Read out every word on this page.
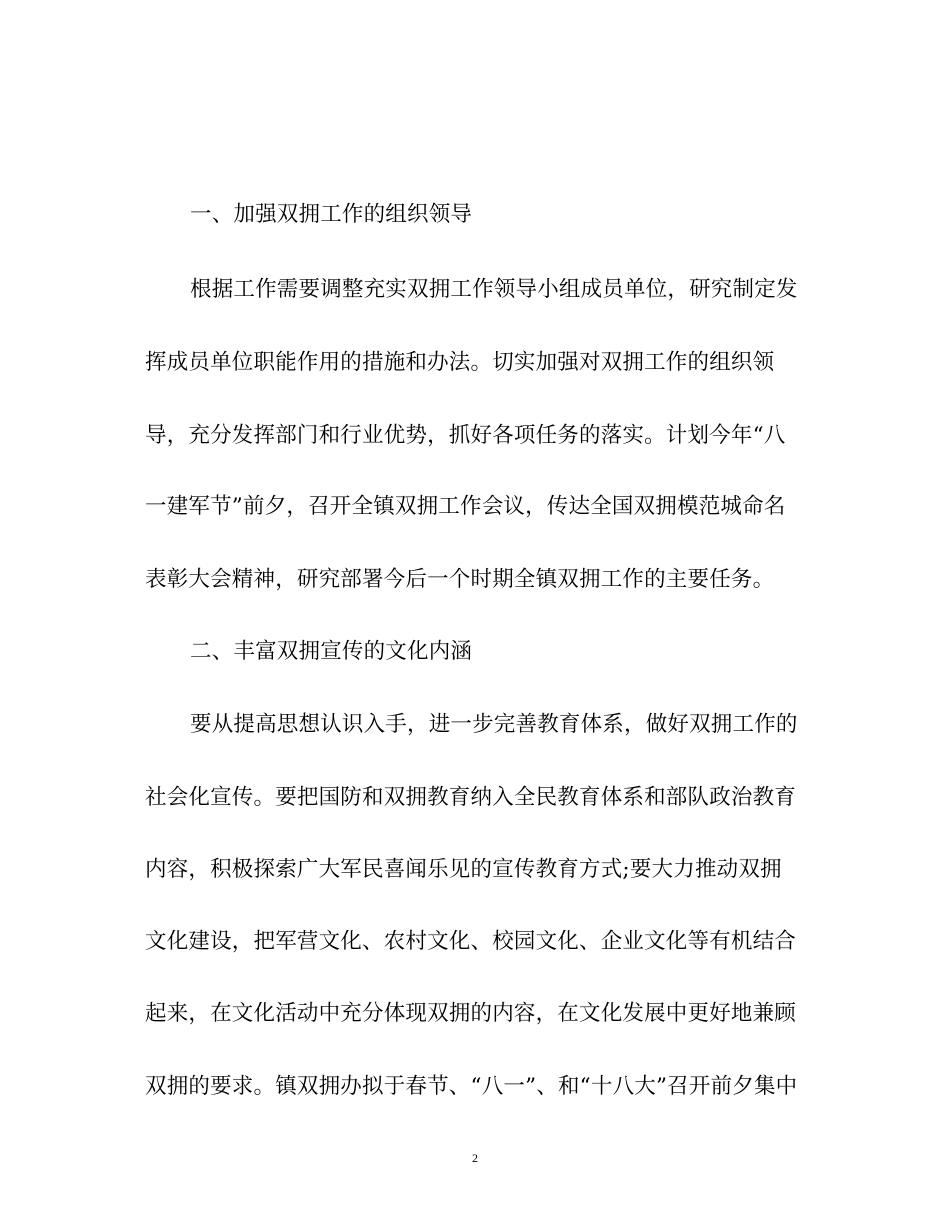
一、加强双拥工作的组织领导
根据工作需要调整充实双拥工作领导小组成员单位，研究制定发
挥成员单位职能作用的措施和办法。切实加强对双拥工作的组织领
导，充分发挥部门和行业优势，抓好各项任务的落实。计划今年“八
一建军节”前夕，召开全镇双拥工作会议，传达全国双拥模范城命名
表彰大会精神，研究部署今后一个时期全镇双拥工作的主要任务。
二、丰富双拥宣传的文化内涵
要从提高思想认识入手，进一步完善教育体系，做好双拥工作的
社会化宣传。要把国防和双拥教育纳入全民教育体系和部队政治教育
内容，积极探索广大军民喜闻乐见的宣传教育方式;要大力推动双拥
文化建设，把军营文化、农村文化、校园文化、企业文化等有机结合
起来，在文化活动中充分体现双拥的内容，在文化发展中更好地兼顾
双拥的要求。镇双拥办拟于春节、“八一”、和“十八大”召开前夕集中
2
